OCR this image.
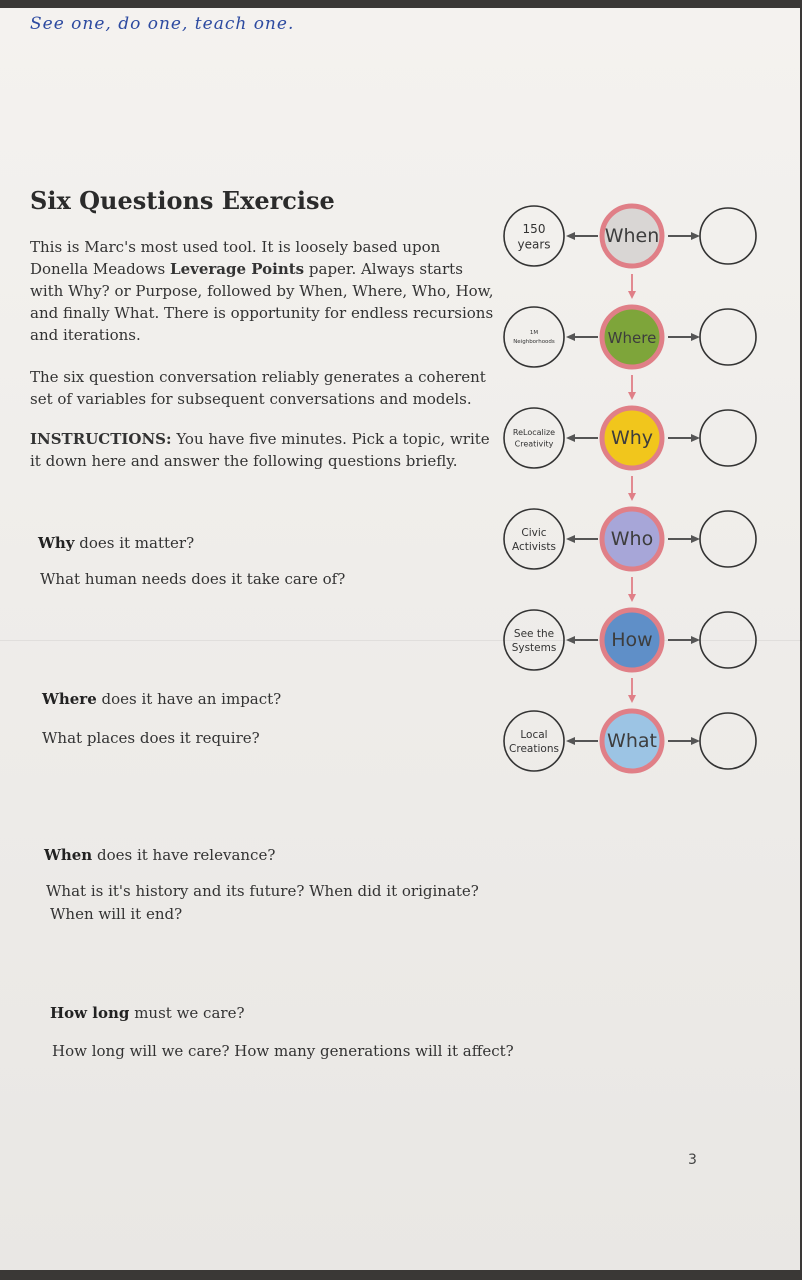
See one, do one, teach one.
Six Questions Exercise

This is Marc's most used tool. It is loosely based upon Donella Meadows Leverage Points paper. Always starts with Why? or Purpose, followed by When, Where, Who, How, and finally What. There is opportunity for endless recursions and iterations.

The six question conversation reliably generates a coherent set of variables for subsequent conversations and models.

INSTRUCTIONS: You have five minutes. Pick a topic, write it down here and answer the following questions briefly.

Why does it matter?
What human needs does it take care of?
Where does it have an impact?
What places does it require?
When does it have relevance?
What is it's history and its future? When did it originate?
When will it end?
How long must we care?
How long will we care? How many generations will it affect?
150
years	When
1M
Neighborhoods	Where
ReLocalize
Creativity	Why
Civic
Activists	Who
See the
Systems	How
Local
Creations	What
3
